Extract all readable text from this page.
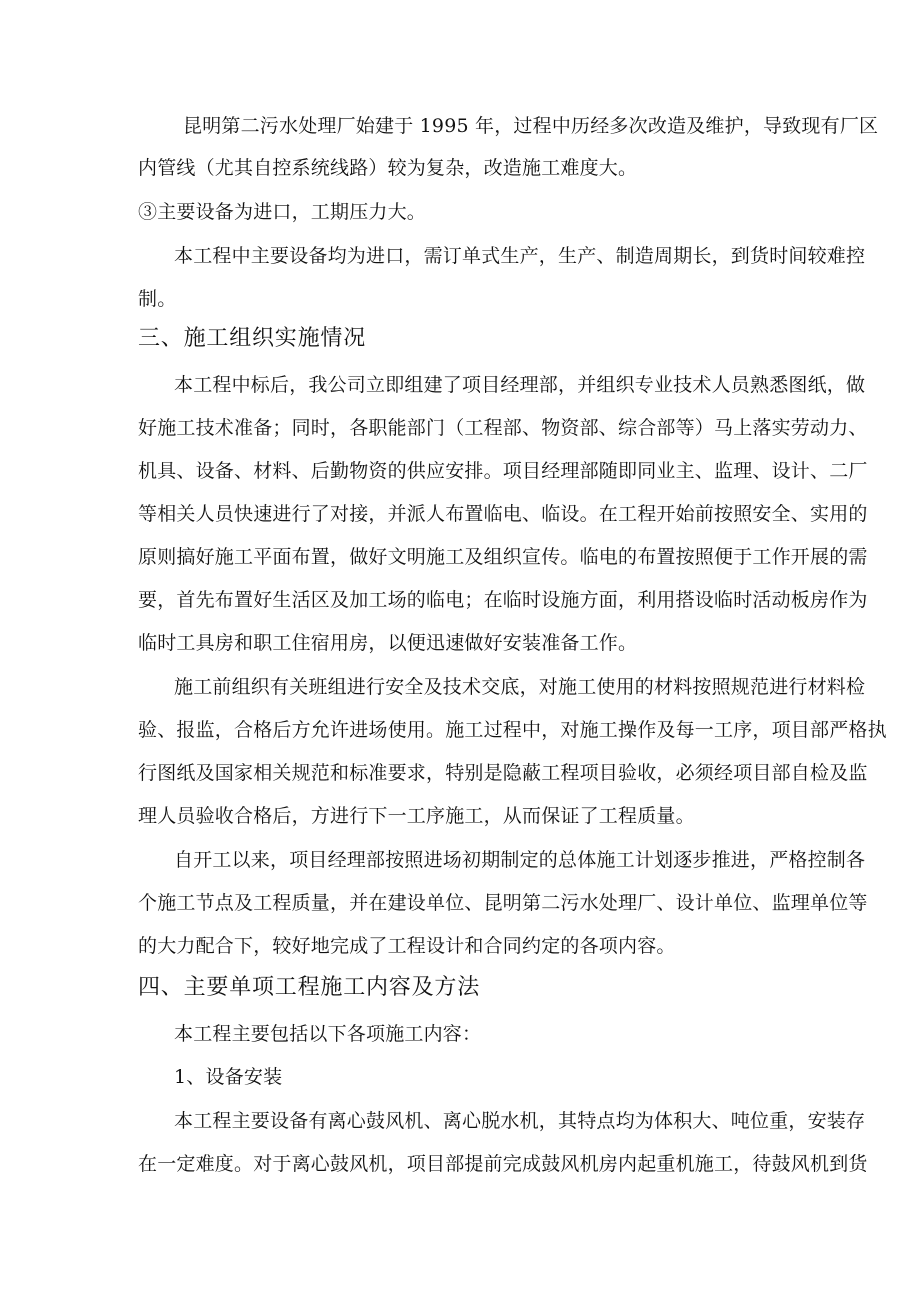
昆明第二污水处理厂始建于 1995 年，过程中历经多次改造及维护，导致现有厂区
内管线（尤其自控系统线路）较为复杂，改造施工难度大。
③主要设备为进口，工期压力大。
本工程中主要设备均为进口，需订单式生产，生产、制造周期长，到货时间较难控
制。
三、施工组织实施情况
本工程中标后，我公司立即组建了项目经理部，并组织专业技术人员熟悉图纸，做
好施工技术准备；同时，各职能部门（工程部、物资部、综合部等）马上落实劳动力、
机具、设备、材料、后勤物资的供应安排。项目经理部随即同业主、监理、设计、二厂
等相关人员快速进行了对接，并派人布置临电、临设。在工程开始前按照安全、实用的
原则搞好施工平面布置，做好文明施工及组织宣传。临电的布置按照便于工作开展的需
要，首先布置好生活区及加工场的临电；在临时设施方面，利用搭设临时活动板房作为
临时工具房和职工住宿用房，以便迅速做好安装准备工作。
施工前组织有关班组进行安全及技术交底，对施工使用的材料按照规范进行材料检
验、报监，合格后方允许进场使用。施工过程中，对施工操作及每一工序，项目部严格执
行图纸及国家相关规范和标准要求，特别是隐蔽工程项目验收，必须经项目部自检及监
理人员验收合格后，方进行下一工序施工，从而保证了工程质量。
自开工以来，项目经理部按照进场初期制定的总体施工计划逐步推进，严格控制各
个施工节点及工程质量，并在建设单位、昆明第二污水处理厂、设计单位、监理单位等
的大力配合下，较好地完成了工程设计和合同约定的各项内容。
四、主要单项工程施工内容及方法
本工程主要包括以下各项施工内容：
1、设备安装
本工程主要设备有离心鼓风机、离心脱水机，其特点均为体积大、吨位重，安装存
在一定难度。对于离心鼓风机，项目部提前完成鼓风机房内起重机施工，待鼓风机到货
